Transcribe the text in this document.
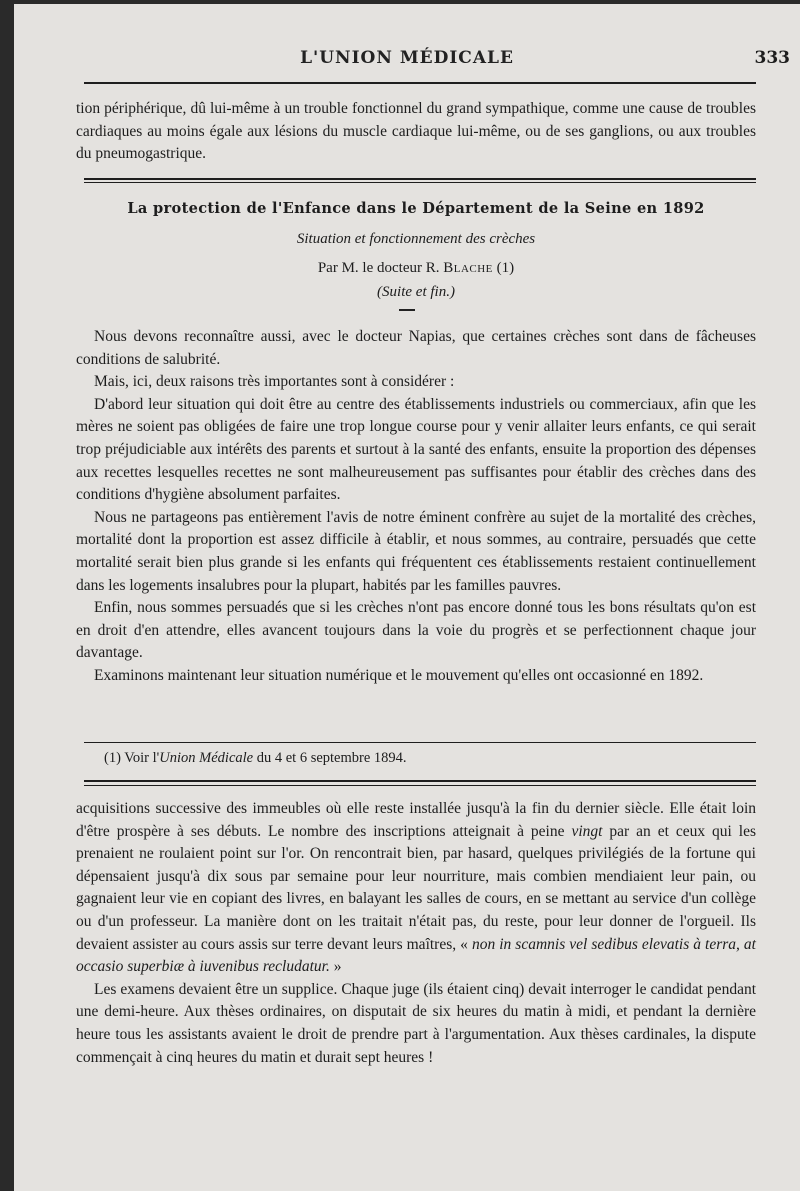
L'UNION MÉDICALE	333

tion périphérique, dû lui-même à un trouble fonctionnel du grand sympathique, comme une cause de troubles cardiaques au moins égale aux lésions du muscle cardiaque lui-même, ou de ses ganglions, ou aux troubles du pneumogastrique.

La protection de l'Enfance dans le Département de la Seine en 1892
Situation et fonctionnement des crèches
Par M. le docteur R. Blache (1)
(Suite et fin.)

Nous devons reconnaître aussi, avec le docteur Napias, que certaines crèches sont dans de fâcheuses conditions de salubrité.

Mais, ici, deux raisons très importantes sont à considérer :

D'abord leur situation qui doit être au centre des établissements industriels ou commerciaux, afin que les mères ne soient pas obligées de faire une trop longue course pour y venir allaiter leurs enfants, ce qui serait trop préjudiciable aux intérêts des parents et surtout à la santé des enfants, ensuite la proportion des dépenses aux recettes lesquelles recettes ne sont malheureusement pas suffisantes pour établir des crèches dans des conditions d'hygiène absolument parfaites.

Nous ne partageons pas entièrement l'avis de notre éminent confrère au sujet de la mortalité des crèches, mortalité dont la proportion est assez difficile à établir, et nous sommes, au contraire, persuadés que cette mortalité serait bien plus grande si les enfants qui fréquentent ces établissements restaient continuellement dans les logements insalubres pour la plupart, habités par les familles pauvres.

Enfin, nous sommes persuadés que si les crèches n'ont pas encore donné tous les bons résultats qu'on est en droit d'en attendre, elles avancent toujours dans la voie du progrès et se perfectionnent chaque jour davantage.

Examinons maintenant leur situation numérique et le mouvement qu'elles ont occasionné en 1892.

(1) Voir l'Union Médicale du 4 et 6 septembre 1894.

acquisitions successive des immeubles où elle reste installée jusqu'à la fin du dernier siècle. Elle était loin d'être prospère à ses débuts. Le nombre des inscriptions atteignait à peine vingt par an et ceux qui les prenaient ne roulaient point sur l'or. On rencontrait bien, par hasard, quelques privilégiés de la fortune qui dépensaient jusqu'à dix sous par semaine pour leur nourriture, mais combien mendiaient leur pain, ou gagnaient leur vie en copiant des livres, en balayant les salles de cours, en se mettant au service d'un collège ou d'un professeur. La manière dont on les traitait n'était pas, du reste, pour leur donner de l'orgueil. Ils devaient assister au cours assis sur terre devant leurs maîtres, « non in scamnis vel sedibus elevatis à terra, at occasio superbiæ à iuvenibus recludatur. »

Les examens devaient être un supplice. Chaque juge (ils étaient cinq) devait interroger le candidat pendant une demi-heure. Aux thèses ordinaires, on disputait de six heures du matin à midi, et pendant la dernière heure tous les assistants avaient le droit de prendre part à l'argumentation. Aux thèses cardinales, la dispute commençait à cinq heures du matin et durait sept heures !
